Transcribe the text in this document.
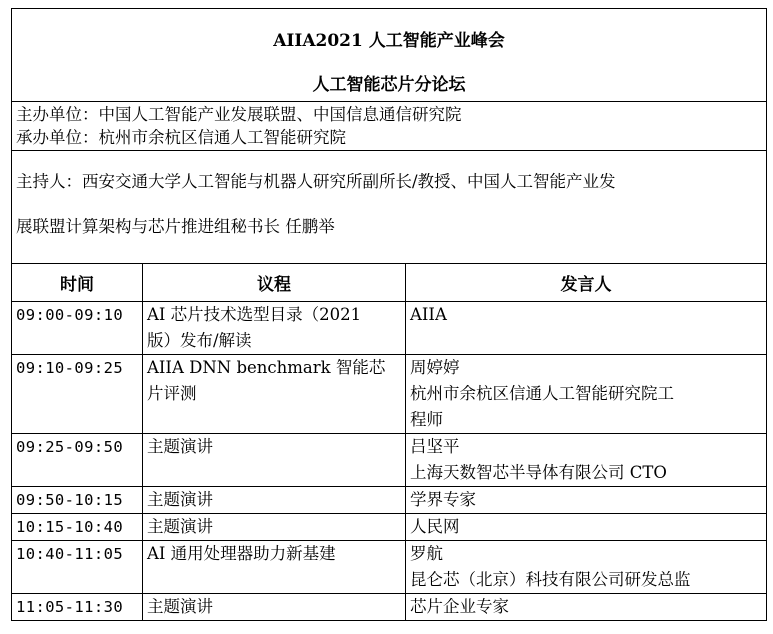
AIIA2021 人工智能产业峰会
人工智能芯片分论坛		

主办单位：中国人工智能产业发展联盟、中国信息通信研究院
承办单位：杭州市余杭区信通人工智能研究院		

主持人：西安交通大学人工智能与机器人研究所副所长/教授、中国人工智能产业发
展联盟计算架构与芯片推进组秘书长 任鹏举		

时间	议程	发言人
09:00-09:10	AI 芯片技术选型目录（2021
版）发布/解读	AIIA

09:10-09:25	AIIA DNN benchmark 智能芯
片评测	周婷婷
杭州市余杭区信通人工智能研究院工
程师

09:25-09:50	主题演讲	吕坚平
上海天数智芯半导体有限公司 CTO

09:50-10:15	主题演讲	学界专家

10:15-10:40	主题演讲	人民网

10:40-11:05	AI 通用处理器助力新基建	罗航
昆仑芯（北京）科技有限公司研发总监

11:05-11:30	主题演讲	芯片企业专家
